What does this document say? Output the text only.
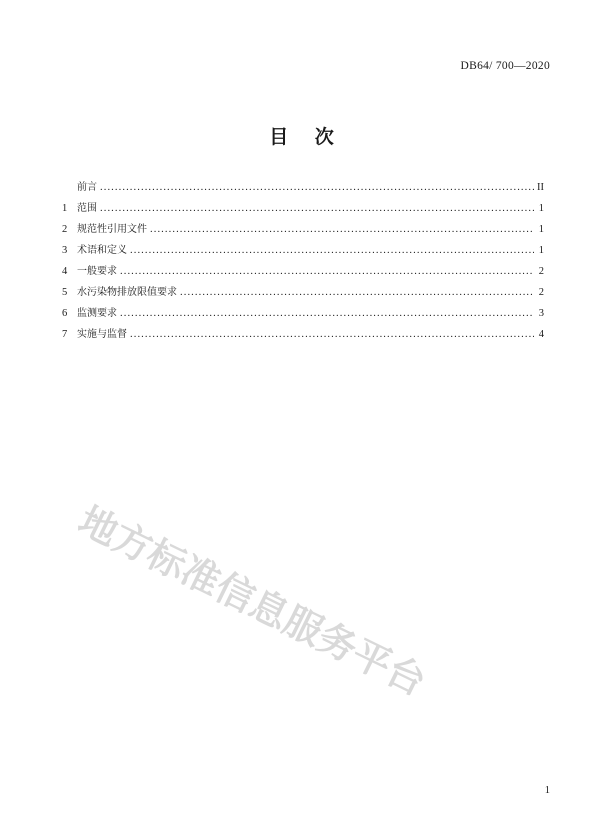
DB64/ 700—2020
目 次
前言 .....	II
1 范围 .....	1
2 规范性引用文件 .....	1
3 术语和定义 .....	1
4 一般要求 .....	2
5 水污染物排放限值要求 .....	2
6 监测要求 .....	3
7 实施与监督 .....	4
地方标准信息服务平台
1
